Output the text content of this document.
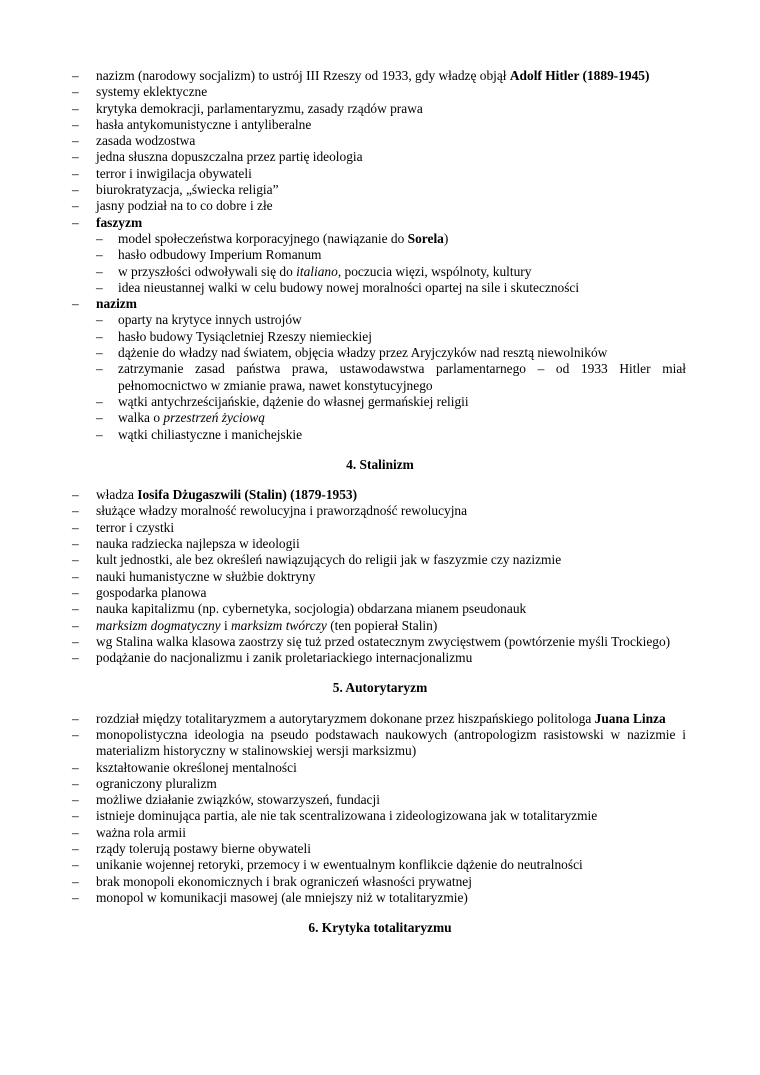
– nazizm (narodowy socjalizm) to ustrój III Rzeszy od 1933, gdy władzę objął Adolf Hitler (1889-1945)
– systemy eklektyczne
– krytyka demokracji, parlamentaryzmu, zasady rządów prawa
– hasła antykomunistyczne i antyliberalne
– zasada wodzostwa
– jedna słuszna dopuszczalna przez partię ideologia
– terror i inwigilacja obywateli
– biurokratyzacja, „świecka religia”
– jasny podział na to co dobre i złe
– faszyzm
– model społeczeństwa korporacyjnego (nawiązanie do Sorela)
– hasło odbudowy Imperium Romanum
– w przyszłości odwoływali się do italiano, poczucia więzi, wspólnoty, kultury
– idea nieustannej walki w celu budowy nowej moralności opartej na sile i skuteczności
– nazizm
– oparty na krytyce innych ustrojów
– hasło budowy Tysiącletniej Rzeszy niemieckiej
– dążenie do władzy nad światem, objęcia władzy przez Aryjczyków nad resztą niewolników
– zatrzymanie zasad państwa prawa, ustawodawstwa parlamentarnego – od 1933 Hitler miał pełnomocnictwo w zmianie prawa, nawet konstytucyjnego
– wątki antychrześcijańskie, dążenie do własnej germańskiej religii
– walka o przestrzeń życiową
– wątki chiliastyczne i manichejskie
4. Stalinizm
– władza Iosifa Dżugaszwili (Stalin) (1879-1953)
– służące władzy moralność rewolucyjna i praworządność rewolucyjna
– terror i czystki
– nauka radziecka najlepsza w ideologii
– kult jednostki, ale bez określeń nawiązujących do religii jak w faszyzmie czy nazizmie
– nauki humanistyczne w służbie doktryny
– gospodarka planowa
– nauka kapitalizmu (np. cybernetyka, socjologia) obdarzana mianem pseudonauk
– marksizm dogmatyczny i marksizm twórczy (ten popierał Stalin)
– wg Stalina walka klasowa zaostrzy się tuż przed ostatecznym zwycięstwem (powtórzenie myśli Trockiego)
– podążanie do nacjonalizmu i zanik proletariackiego internacjonalizmu
5. Autorytaryzm
– rozdział między totalitaryzmem a autorytaryzmem dokonane przez hiszpańskiego politologa Juana Linza
– monopolistyczna ideologia na pseudo podstawach naukowych (antropologizm rasistowski w nazizmie i materializm historyczny w stalinowskiej wersji marksizmu)
– kształtowanie określonej mentalności
– ograniczony pluralizm
– możliwe działanie związków, stowarzyszeń, fundacji
– istnieje dominująca partia, ale nie tak scentralizowana i zideologizowana jak w totalitaryzmie
– ważna rola armii
– rządy tolerują postawy bierne obywateli
– unikanie wojennej retoryki, przemocy i w ewentualnym konflikcie dążenie do neutralności
– brak monopoli ekonomicznych i brak ograniczeń własności prywatnej
– monopol w komunikacji masowej (ale mniejszy niż w totalitaryzmie)
6. Krytyka totalitaryzmu
